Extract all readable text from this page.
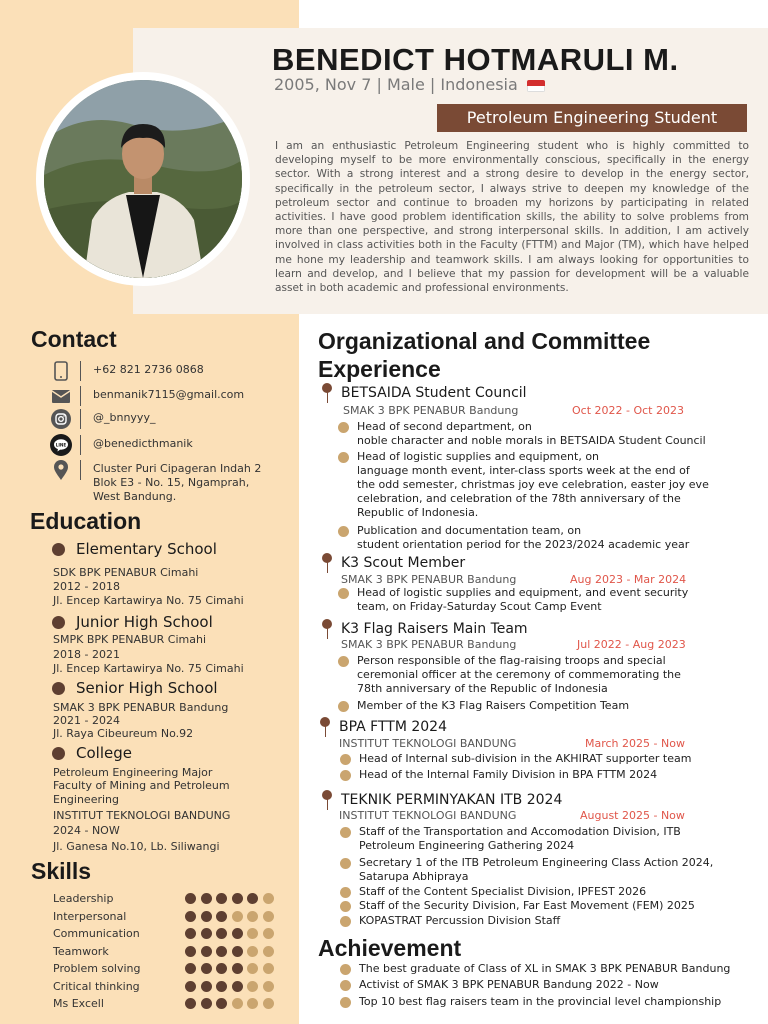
BENEDICT HOTMARULI M.
2005, Nov 7 | Male | Indonesia
Petroleum Engineering Student
I am an enthusiastic Petroleum Engineering student who is highly committed to developing myself to be more environmentally conscious, specifically in the energy sector. With a strong interest and a strong desire to develop in the energy sector, specifically in the petroleum sector, I always strive to deepen my knowledge of the petroleum sector and continue to broaden my horizons by participating in related activities. I have good problem identification skills, the ability to solve problems from more than one perspective, and strong interpersonal skills. In addition, I am actively involved in class activities both in the Faculty (FTTM) and Major (TM), which have helped me hone my leadership and teamwork skills. I am always looking for opportunities to learn and develop, and I believe that my passion for development will be a valuable asset in both academic and professional environments.
Contact
+62 821 2736 0868
benmanik7115@gmail.com
@_bnnyyy_
LINE @benedicthmanik
Cluster Puri Cipageran Indah 2
Blok E3 - No. 15, Ngamprah,
West Bandung.
Education
Elementary School
SDK BPK PENABUR Cimahi
2012 - 2018
Jl. Encep Kartawirya No. 75 Cimahi
Junior High School
SMPK BPK PENABUR Cimahi
2018 - 2021
Jl. Encep Kartawirya No. 75 Cimahi
Senior High School
SMAK 3 BPK PENABUR Bandung
2021 - 2024
Jl. Raya Cibeureum No.92
College
Petroleum Engineering Major
Faculty of Mining and Petroleum
Engineering
INSTITUT TEKNOLOGI BANDUNG
2024 - NOW
Jl. Ganesa No.10, Lb. Siliwangi
Skills
Leadership
Interpersonal
Communication
Teamwork
Problem solving
Critical thinking
Ms Excell
Organizational and Committee Experience
BETSAIDA Student Council
SMAK 3 BPK PENABUR Bandung	Oct 2022 - Oct 2023
Head of second department, on
noble character and noble morals in BETSAIDA Student Council
Head of logistic supplies and equipment, on
language month event, inter-class sports week at the end of
the odd semester, christmas joy eve celebration, easter joy eve
celebration, and celebration of the 78th anniversary of the
Republic of Indonesia.
Publication and documentation team, on
student orientation period for the 2023/2024 academic year
K3 Scout Member
SMAK 3 BPK PENABUR Bandung	Aug 2023 - Mar 2024
Head of logistic supplies and equipment, and event security
team, on Friday-Saturday Scout Camp Event
K3 Flag Raisers Main Team
SMAK 3 BPK PENABUR Bandung	Jul 2022 - Aug 2023
Person responsible of the flag-raising troops and special
ceremonial officer at the ceremony of commemorating the
78th anniversary of the Republic of Indonesia
Member of the K3 Flag Raisers Competition Team
BPA FTTM 2024
INSTITUT TEKNOLOGI BANDUNG	March 2025 - Now
Head of Internal sub-division in the AKHIRAT supporter team
Head of the Internal Family Division in BPA FTTM 2024
TEKNIK PERMINYAKAN ITB 2024
INSTITUT TEKNOLOGI BANDUNG	August 2025 - Now
Staff of the Transportation and Accomodation Division, ITB
Petroleum Engineering Gathering 2024
Secretary 1 of the ITB Petroleum Engineering Class Action 2024,
Satarupa Abhipraya
Staff of the Content Specialist Division, IPFEST 2026
Staff of the Security Division, Far East Movement (FEM) 2025
KOPASTRAT Percussion Division Staff
Achievement
The best graduate of Class of XL in SMAK 3 BPK PENABUR Bandung
Activist of SMAK 3 BPK PENABUR Bandung 2022 - Now
Top 10 best flag raisers team in the provincial level championship
